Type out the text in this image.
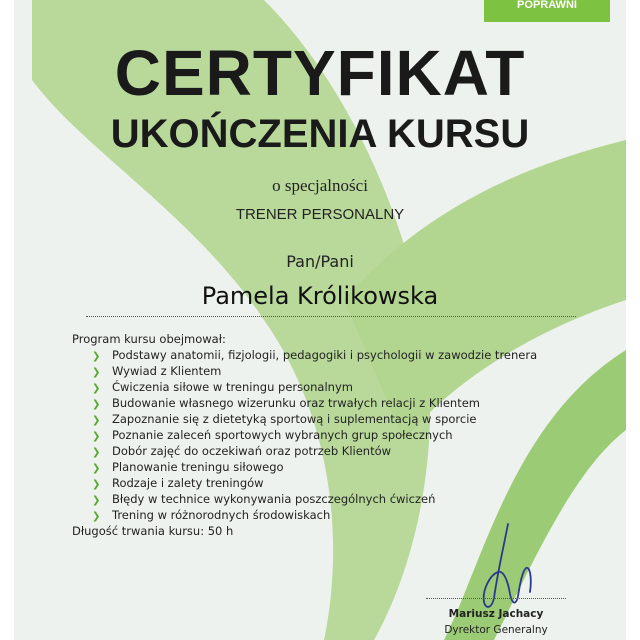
POPRAWNI
CERTYFIKAT
UKOŃCZENIA KURSU
o specjalności
TRENER PERSONALNY
Pan/Pani
Pamela Królikowska
Program kursu obejmował:
❯ Podstawy anatomii, fizjologii, pedagogiki i psychologii w zawodzie trenera
❯ Wywiad z Klientem
❯ Ćwiczenia siłowe w treningu personalnym
❯ Budowanie własnego wizerunku oraz trwałych relacji z Klientem
❯ Zapoznanie się z dietetyką sportową i suplementacją w sporcie
❯ Poznanie zaleceń sportowych wybranych grup społecznych
❯ Dobór zajęć do oczekiwań oraz potrzeb Klientów
❯ Planowanie treningu siłowego
❯ Rodzaje i zalety treningów
❯ Błędy w technice wykonywania poszczególnych ćwiczeń
❯ Trening w różnorodnych środowiskach
Długość trwania kursu: 50 h
Mariusz Jachacy
Dyrektor Generalny
